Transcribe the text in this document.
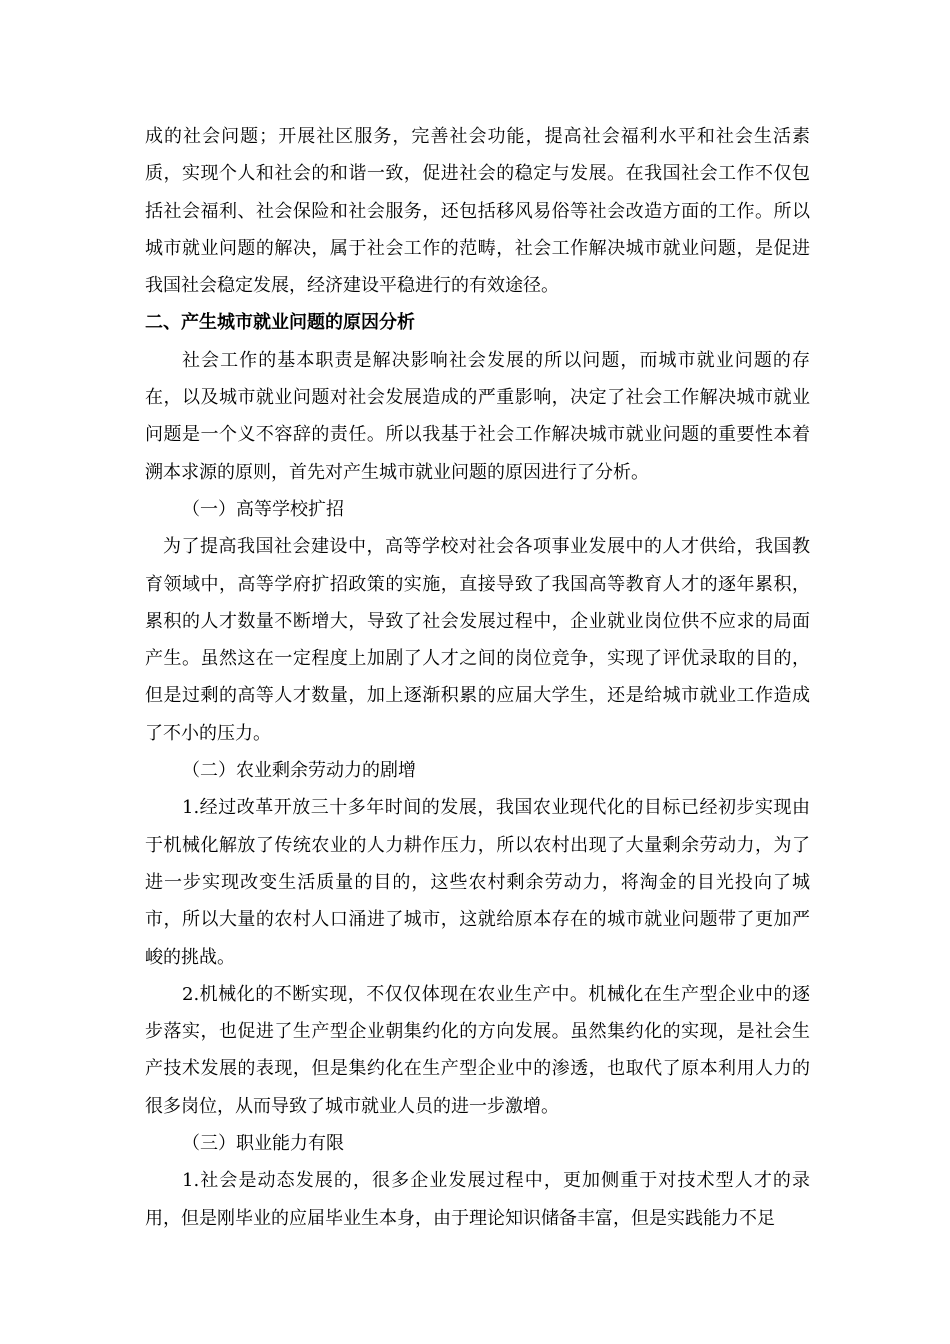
成的社会问题；开展社区服务，完善社会功能，提高社会福利水平和社会生活素质，实现个人和社会的和谐一致，促进社会的稳定与发展。在我国社会工作不仅包括社会福利、社会保险和社会服务，还包括移风易俗等社会改造方面的工作。所以城市就业问题的解决，属于社会工作的范畴，社会工作解决城市就业问题，是促进我国社会稳定发展，经济建设平稳进行的有效途径。

二、产生城市就业问题的原因分析

社会工作的基本职责是解决影响社会发展的所以问题，而城市就业问题的存在，以及城市就业问题对社会发展造成的严重影响，决定了社会工作解决城市就业问题是一个义不容辞的责任。所以我基于社会工作解决城市就业问题的重要性本着溯本求源的原则，首先对产生城市就业问题的原因进行了分析。

（一）高等学校扩招

为了提高我国社会建设中，高等学校对社会各项事业发展中的人才供给，我国教育领域中，高等学府扩招政策的实施，直接导致了我国高等教育人才的逐年累积，累积的人才数量不断增大，导致了社会发展过程中，企业就业岗位供不应求的局面产生。虽然这在一定程度上加剧了人才之间的岗位竞争，实现了评优录取的目的，但是过剩的高等人才数量，加上逐渐积累的应届大学生，还是给城市就业工作造成了不小的压力。

（二）农业剩余劳动力的剧增

1.经过改革开放三十多年时间的发展，我国农业现代化的目标已经初步实现由于机械化解放了传统农业的人力耕作压力，所以农村出现了大量剩余劳动力，为了进一步实现改变生活质量的目的，这些农村剩余劳动力，将淘金的目光投向了城市，所以大量的农村人口涌进了城市，这就给原本存在的城市就业问题带了更加严峻的挑战。

2.机械化的不断实现，不仅仅体现在农业生产中。机械化在生产型企业中的逐步落实，也促进了生产型企业朝集约化的方向发展。虽然集约化的实现，是社会生产技术发展的表现，但是集约化在生产型企业中的渗透，也取代了原本利用人力的很多岗位，从而导致了城市就业人员的进一步激增。

（三）职业能力有限

1.社会是动态发展的，很多企业发展过程中，更加侧重于对技术型人才的录用，但是刚毕业的应届毕业生本身，由于理论知识储备丰富，但是实践能力不足
